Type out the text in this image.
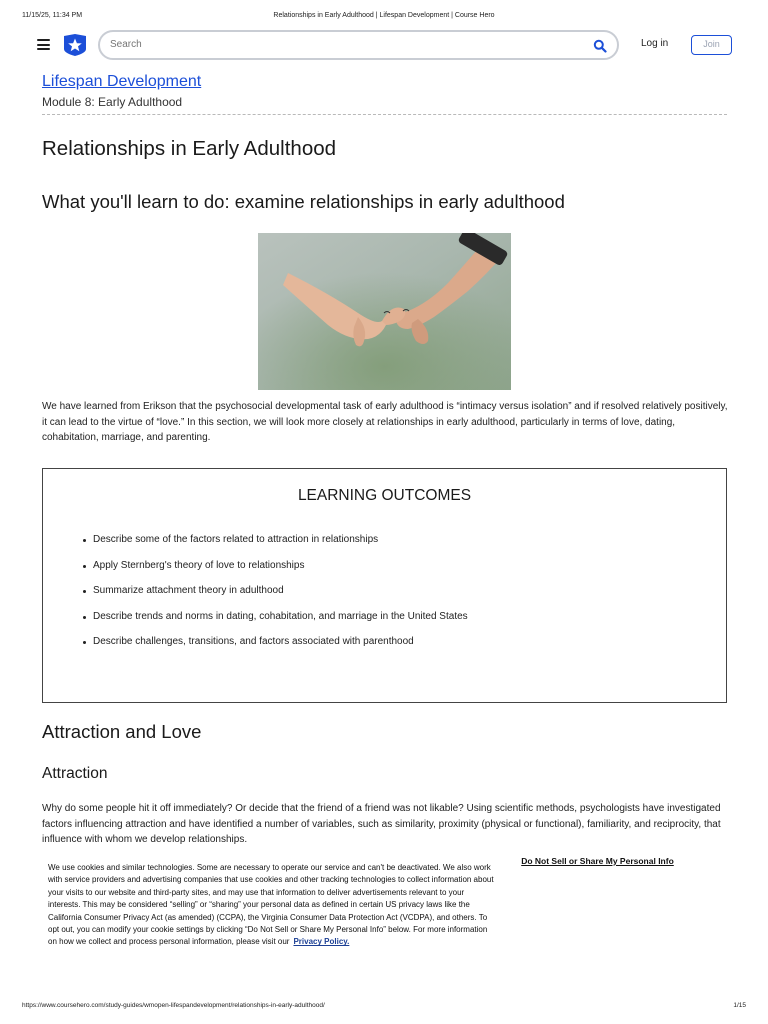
11/15/25, 11:34 PM	Relationships in Early Adulthood | Lifespan Development | Course Hero
Search
Log in	Join
Lifespan Development
Module 8: Early Adulthood
Relationships in Early Adulthood
What you'll learn to do: examine relationships in early adulthood

We have learned from Erikson that the psychosocial developmental task of early adulthood is “intimacy versus isolation” and if resolved relatively positively, it can lead to the virtue of “love.” In this section, we will look more closely at relationships in early adulthood, particularly in terms of love, dating, cohabitation, marriage, and parenting.

LEARNING OUTCOMES
Describe some of the factors related to attraction in relationships
Apply Sternberg's theory of love to relationships
Summarize attachment theory in adulthood
Describe trends and norms in dating, cohabitation, and marriage in the United States
Describe challenges, transitions, and factors associated with parenthood
Attraction and Love
Attraction

Why do some people hit it off immediately? Or decide that the friend of a friend was not likable? Using scientific methods, psychologists have investigated factors influencing attraction and have identified a number of variables, such as similarity, proximity (physical or functional), familiarity, and reciprocity, that influence with whom we develop relationships.

We use cookies and similar technologies. Some are necessary to operate our service and can't be deactivated. We also work with service providers and advertising companies that use cookies and other tracking technologies to collect information about your visits to our website and third-party sites, and may use that information to deliver advertisements relevant to your interests. This may be considered “selling” or “sharing” your personal data as defined in certain US privacy laws like the California Consumer Privacy Act (as amended) (CCPA), the Virginia Consumer Data Protection Act (VCDPA), and others. To opt out, you can modify your cookie settings by clicking “Do Not Sell or Share My Personal Info” below. For more information on how we collect and process personal information, please visit our Privacy Policy.
Do Not Sell or Share My Personal Info
https://www.coursehero.com/study-guides/wmopen-lifespandevelopment/relationships-in-early-adulthood/	1/15
